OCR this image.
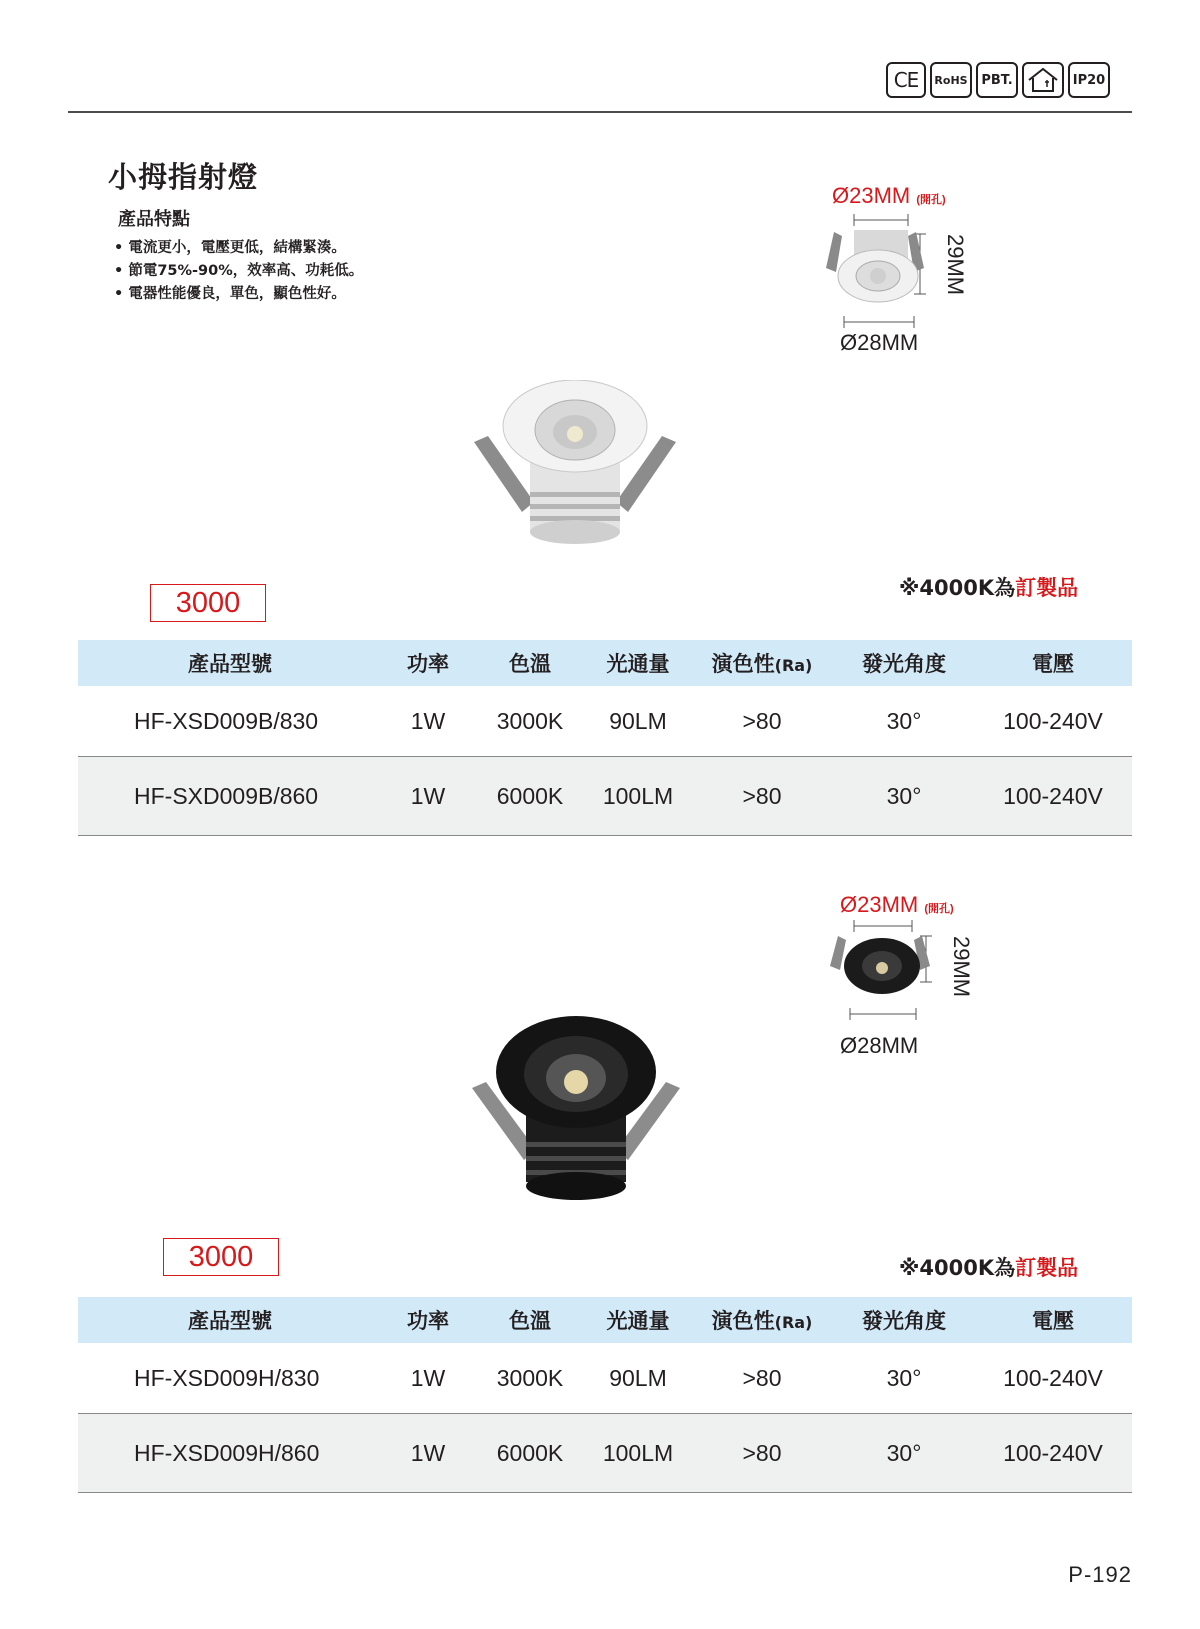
CE	RoHS	PBT.	IP20
小拇指射燈
產品特點
• 電流更小，電壓更低，結構緊湊。
• 節電75%-90%，效率高、功耗低。
• 電器性能優良，單色，顯色性好。
Ø23MM (開孔)
29MM
Ø28MM
3000	※4000K為訂製品
產品型號	功率	色溫	光通量	演色性(Ra)	發光角度	電壓
HF-XSD009B/830	1W	3000K	90LM	>80	30°	100-240V
HF-SXD009B/860	1W	6000K	100LM	>80	30°	100-240V
Ø23MM (開孔)
29MM
Ø28MM
3000	※4000K為訂製品
產品型號	功率	色溫	光通量	演色性(Ra)	發光角度	電壓
HF-XSD009H/830	1W	3000K	90LM	>80	30°	100-240V
HF-XSD009H/860	1W	6000K	100LM	>80	30°	100-240V
P-192
